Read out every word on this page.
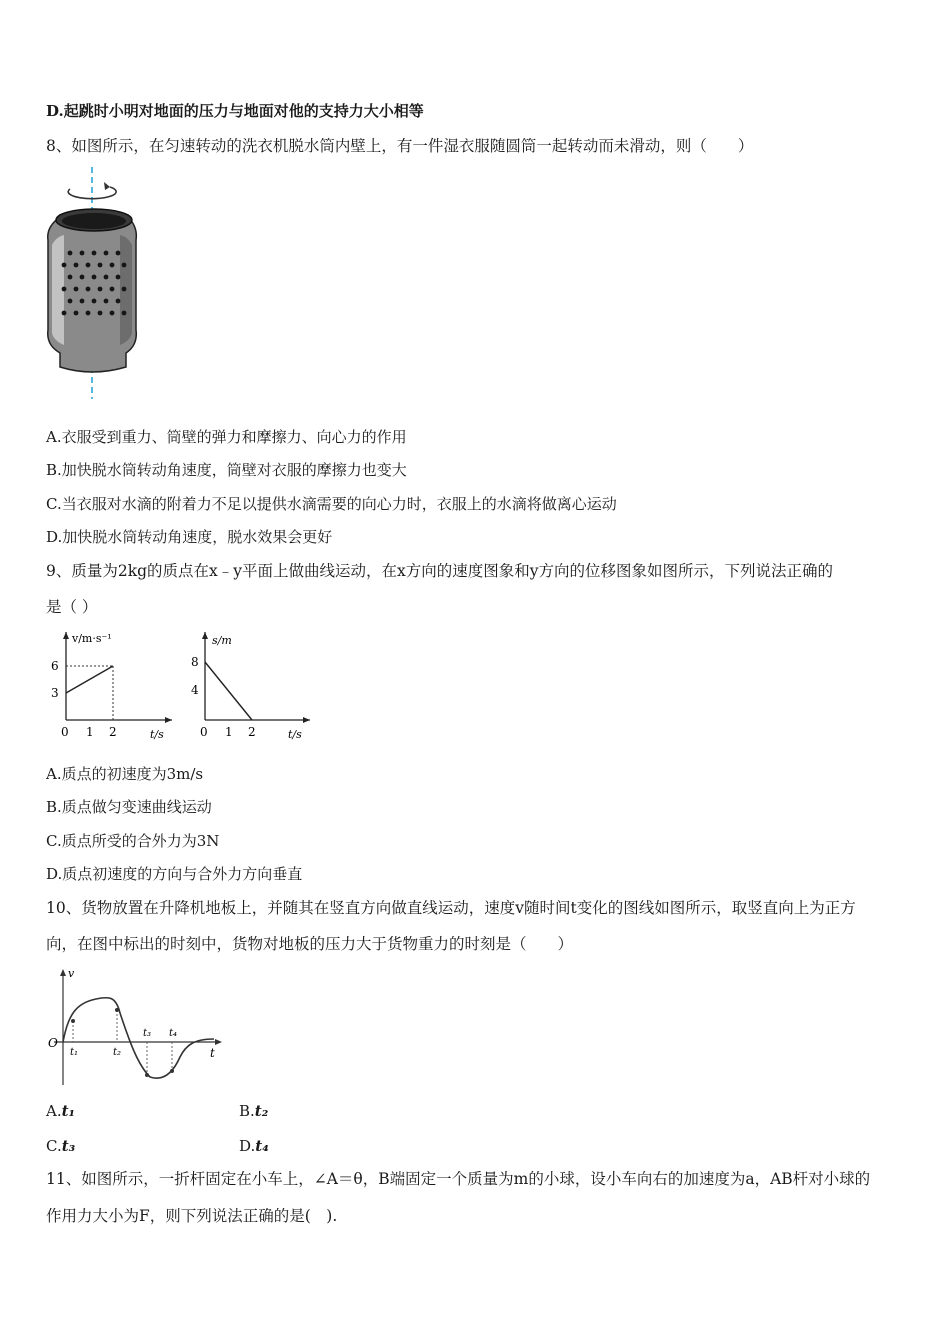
D.起跳时小明对地面的压力与地面对他的支持力大小相等
8、如图所示，在匀速转动的洗衣机脱水筒内壁上，有一件湿衣服随圆筒一起转动而未滑动，则（　　）
A.衣服受到重力、筒壁的弹力和摩擦力、向心力的作用
B.加快脱水筒转动角速度，筒壁对衣服的摩擦力也变大
C.当衣服对水滴的附着力不足以提供水滴需要的向心力时，衣服上的水滴将做离心运动
D.加快脱水筒转动角速度，脱水效果会更好
9、质量为2kg的质点在x﹣y平面上做曲线运动，在x方向的速度图象和y方向的位移图象如图所示，下列说法正确的
是（ ）
v/m·s⁻¹
6
3
0 1 2	t/s
s/m
8
4
0 1 2	t/s
A.质点的初速度为3m/s
B.质点做匀变速曲线运动
C.质点所受的合外力为3N
D.质点初速度的方向与合外力方向垂直
10、货物放置在升降机地板上，并随其在竖直方向做直线运动，速度v随时间t变化的图线如图所示，取竖直向上为正方
向，在图中标出的时刻中，货物对地板的压力大于货物重力的时刻是（　　）
v
t
O
t₁	t₂
t₃ t₄
A.t₁	B.t₂
C.t₃	D.t₄
11、如图所示，一折杆固定在小车上，∠A＝θ，B端固定一个质量为m的小球，设小车向右的加速度为a，AB杆对小球的
作用力大小为F，则下列说法正确的是(　).
